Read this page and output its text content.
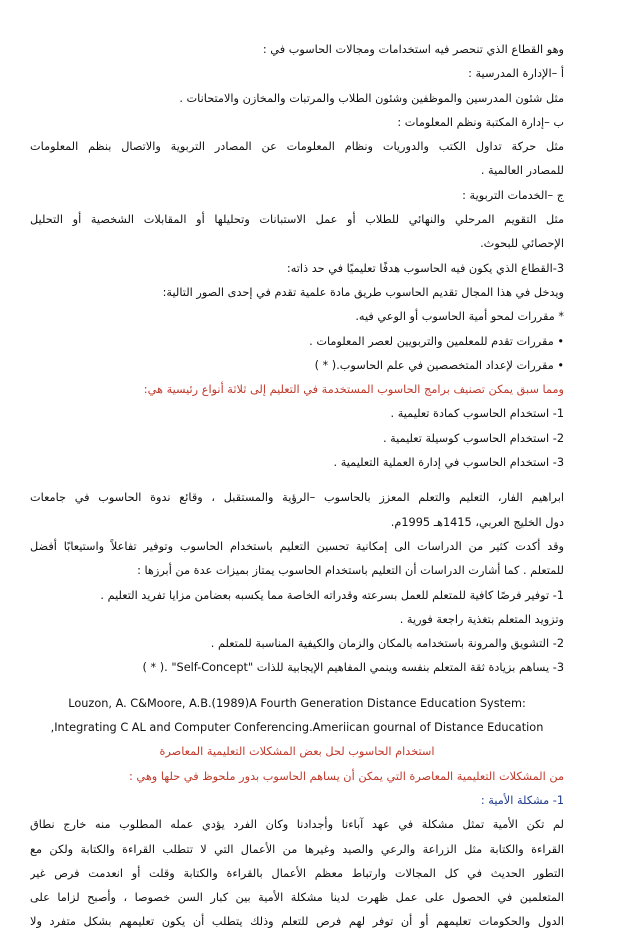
وهو القطاع الذي تنحصر فيه استخدامات ومجالات الحاسوب في :
أ –الإدارة المدرسية :
مثل شئون المدرسين والموظفين وشئون الطلاب والمرتبات والمخازن والامتحانات .
ب –إدارة المكتبة ونظم المعلومات :
مثل حركة تداول الكتب والدوريات ونظام المعلومات عن المصادر التربوية والاتصال بنظم المعلومات
للمصادر العالمية .
ج –الخدمات التربوية :
مثل التقويم المرحلي والنهائي للطلاب أو عمل الاستبانات وتحليلها أو المقابلات الشخصية أو التحليل
الإحصائي للبحوث.
3-القطاع الذي يكون فيه الحاسوب هدفًا تعليميًا في حد ذاته:
ويدخل في هذا المجال تقديم الحاسوب طريق مادة علمية تقدم في إحدى الصور التالية:
* مقررات لمحو أمية الحاسوب أو الوعي فيه.
• مقررات تقدم للمعلمين والتربويين لعصر المعلومات .
• مقررات لإعداد المتخصصين في علم الحاسوب.( * )
ومما سبق يمكن تصنيف برامج الحاسوب المستخدمة في التعليم إلى ثلاثة أنواع رئيسية هي:
1- استخدام الحاسوب كمادة تعليمية .
2- استخدام الحاسوب كوسيلة تعليمية .
3- استخدام الحاسوب في إدارة العملية التعليمية .
ابراهيم الفار، التعليم والتعلم المعزز بالحاسوب –الرؤية والمستقبل ، وقائع ندوة الحاسوب في جامعات
دول الخليج العربي، 1415هـ 1995م.
وقد أكدت كثير من الدراسات الى إمكانية تحسين التعليم باستخدام الحاسوب وتوفير تفاعلاً واستيعابًا أفضل
للمتعلم . كما أشارت الدراسات أن التعليم باستخدام الحاسوب يمتاز بميزات عدة من أبرزها :
1- توفير فرصًا كافية للمتعلم للعمل بسرعته وقدراته الخاصة مما يكسبه بعضامن مزايا تفريد التعليم .
وتزويد المتعلم بتغذية راجعة فورية .
2- التشويق والمرونة باستخدامه بالمكان والزمان والكيفية المناسبة للمتعلم .
3- يساهم بزيادة ثقة المتعلم بنفسه وينمي المفاهيم الإيجابية للذات "Self-Concept" .( * )
Louzon, A. C&Moore, A.B.(1989)A Fourth Generation Distance Education System:
,Integrating C AL and Computer Conferencing.Ameriican gournal of Distance Education
استخدام الحاسوب لحل بعض المشكلات التعليمية المعاصرة
من المشكلات التعليمية المعاصرة التي يمكن أن يساهم الحاسوب بدور ملحوظ في حلها وهي :
1- مشكلة الأمية :
لم تكن الأمية تمثل مشكلة في عهد آباءنا وأجدادنا وكان الفرد يؤدي عمله المطلوب منه خارج نطاق
القراءة والكتابة مثل الزراعة والرعي والصيد وغيرها من الأعمال التي لا تتطلب القراءة والكتابة ولكن مع
التطور الحديث في كل المجالات وارتباط معظم الأعمال بالقراءة والكتابة وقلت أو انعدمت فرص غير
المتعلمين في الحصول على عمل ظهرت لدينا مشكلة الأمية بين كبار السن خصوصا ، وأصبح لزاما على
الدول والحكومات تعليمهم أو أن توفر لهم فرص للتعلم وذلك يتطلب أن يكون تعليمهم بشكل متفرد ولا
